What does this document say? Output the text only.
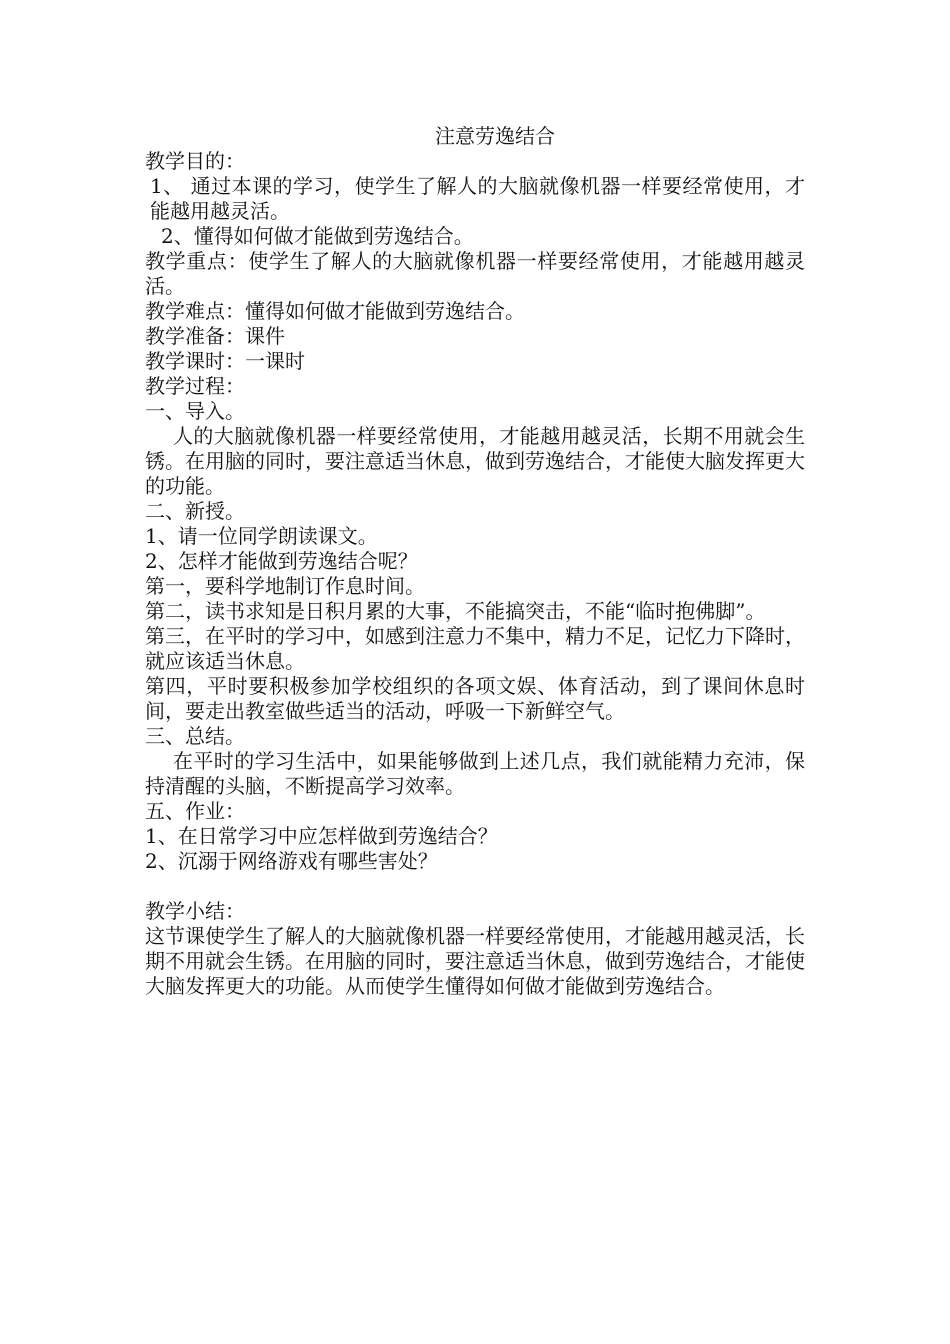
注意劳逸结合
教学目的：
1、 通过本课的学习，使学生了解人的大脑就像机器一样要经常使用，才能越用越灵活。
2、懂得如何做才能做到劳逸结合。
教学重点：使学生了解人的大脑就像机器一样要经常使用，才能越用越灵活。
教学难点：懂得如何做才能做到劳逸结合。
教学准备：课件
教学课时：一课时
教学过程：
一、导入。
人的大脑就像机器一样要经常使用，才能越用越灵活，长期不用就会生锈。在用脑的同时，要注意适当休息，做到劳逸结合，才能使大脑发挥更大的功能。
二、新授。
1、请一位同学朗读课文。
2、怎样才能做到劳逸结合呢？
第一，要科学地制订作息时间。
第二，读书求知是日积月累的大事，不能搞突击，不能“临时抱佛脚”。
第三，在平时的学习中，如感到注意力不集中，精力不足，记忆力下降时，就应该适当休息。
第四，平时要积极参加学校组织的各项文娱、体育活动，到了课间休息时间，要走出教室做些适当的活动，呼吸一下新鲜空气。
三、总结。
在平时的学习生活中，如果能够做到上述几点，我们就能精力充沛，保持清醒的头脑，不断提高学习效率。
五、作业：
1、在日常学习中应怎样做到劳逸结合？
2、沉溺于网络游戏有哪些害处？
教学小结：
这节课使学生了解人的大脑就像机器一样要经常使用，才能越用越灵活，长期不用就会生锈。在用脑的同时，要注意适当休息，做到劳逸结合，才能使大脑发挥更大的功能。从而使学生懂得如何做才能做到劳逸结合。
